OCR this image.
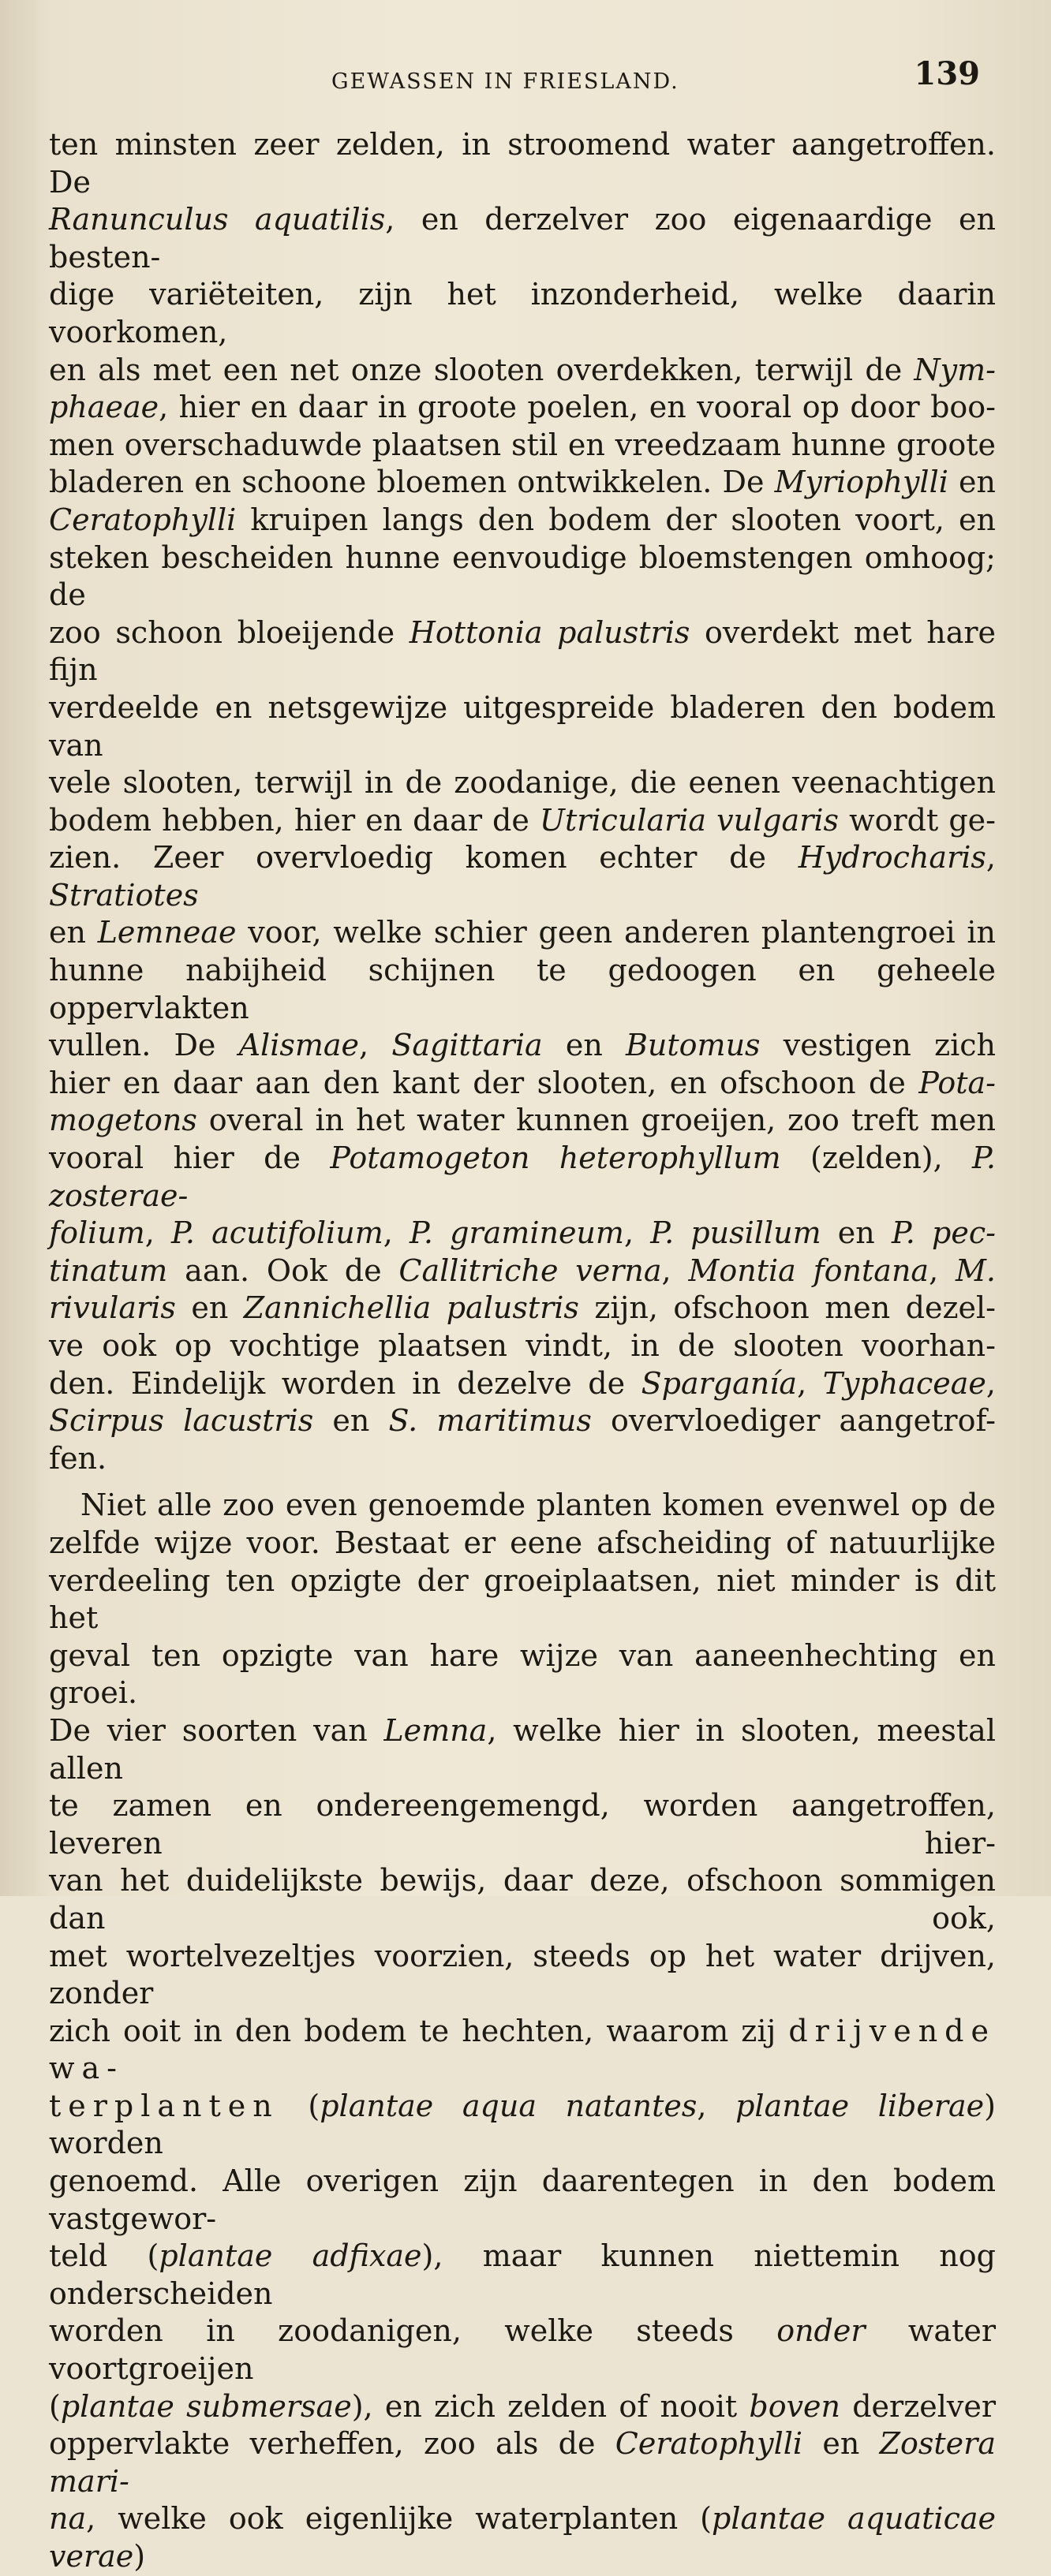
GEWASSEN IN FRIESLAND.	139

ten minsten zeer zelden, in stroomend water aangetroffen. De

Ranunculus aquatilis, en derzelver zoo eigenaardige en besten-

dige variëteiten, zijn het inzonderheid, welke daarin voorkomen,

en als met een net onze slooten overdekken, terwijl de Nym-

phaeae, hier en daar in groote poelen, en vooral op door boo-

men overschaduwde plaatsen stil en vreedzaam hunne groote

bladeren en schoone bloemen ontwikkelen. De Myriophylli en

Ceratophylli kruipen langs den bodem der slooten voort, en

steken bescheiden hunne eenvoudige bloemstengen omhoog; de

zoo schoon bloeijende Hottonia palustris overdekt met hare fijn

verdeelde en netsgewijze uitgespreide bladeren den bodem van

vele slooten, terwijl in de zoodanige, die eenen veenachtigen

bodem hebben, hier en daar de Utricularia vulgaris wordt ge-

zien. Zeer overvloedig komen echter de Hydrocharis, Stratiotes

en Lemneae voor, welke schier geen anderen plantengroei in

hunne nabijheid schijnen te gedoogen en geheele oppervlakten

vullen. De Alismae, Sagittaria en Butomus vestigen zich

hier en daar aan den kant der slooten, en ofschoon de Pota-

mogetons overal in het water kunnen groeijen, zoo treft men

vooral hier de Potamogeton heterophyllum (zelden), P. zosterae-

folium, P. acutifolium, P. gramineum, P. pusillum en P. pec-

tinatum aan. Ook de Callitriche verna, Montia fontana, M.

rivularis en Zannichellia palustris zijn, ofschoon men dezel-

ve ook op vochtige plaatsen vindt, in de slooten voorhan-

den. Eindelijk worden in dezelve de Sparganía, Typhaceae,

Scirpus lacustris en S. maritimus overvloediger aangetrof-

fen.

Niet alle zoo even genoemde planten komen evenwel op de

zelfde wijze voor. Bestaat er eene afscheiding of natuurlijke

verdeeling ten opzigte der groeiplaatsen, niet minder is dit het

geval ten opzigte van hare wijze van aaneenhechting en groei.

De vier soorten van Lemna, welke hier in slooten, meestal allen

te zamen en ondereengemengd, worden aangetroffen, leveren hier-

van het duidelijkste bewijs, daar deze, ofschoon sommigen dan ook,

met wortelvezeltjes voorzien, steeds op het water drijven, zonder

zich ooit in den bodem te hechten, waarom zij drijvende wa-

terplanten (plantae aqua natantes, plantae liberae) worden

genoemd. Alle overigen zijn daarentegen in den bodem vastgewor-

teld (plantae adfixae), maar kunnen niettemin nog onderscheiden

worden in zoodanigen, welke steeds onder water voortgroeijen

(plantae submersae), en zich zelden of nooit boven derzelver

oppervlakte verheffen, zoo als de Ceratophylli en Zostera mari-

na, welke ook eigenlijke waterplanten (plantae aquaticae verae)
